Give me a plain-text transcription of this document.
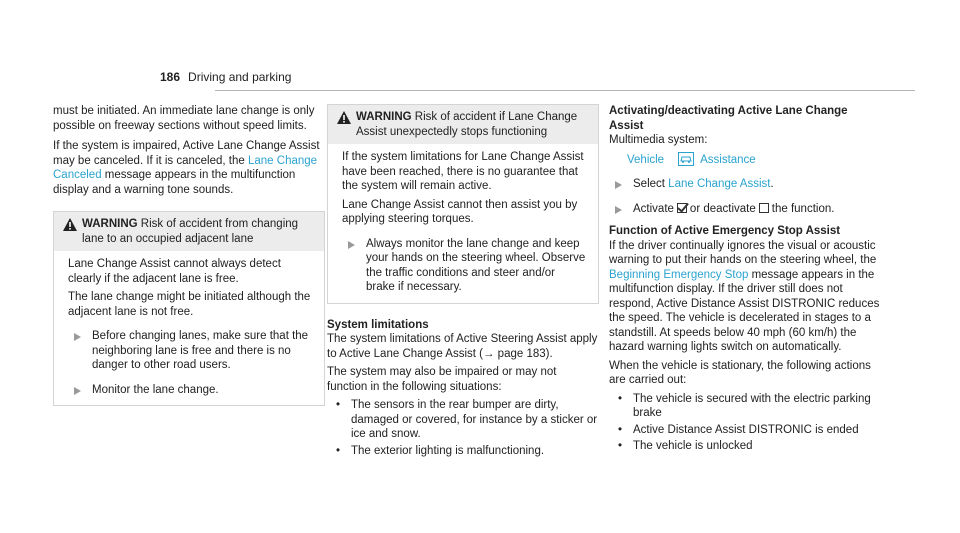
186 Driving and parking

must be initiated. An immediate lane change is only possible on freeway sections without speed limits.

If the system is impaired, Active Lane Change Assist may be canceled. If it is canceled, the Lane Change Canceled message appears in the multifunction display and a warning tone sounds.

WARNING Risk of accident from changing lane to an occupied adjacent lane

Lane Change Assist cannot always detect clearly if the adjacent lane is free.

The lane change might be initiated although the adjacent lane is not free.

Before changing lanes, make sure that the neighboring lane is free and there is no danger to other road users.
Monitor the lane change.
WARNING Risk of accident if Lane Change Assist unexpectedly stops functioning

If the system limitations for Lane Change Assist have been reached, there is no guarantee that the system will remain active.

Lane Change Assist cannot then assist you by applying steering torques.

Always monitor the lane change and keep your hands on the steering wheel. Observe the traffic conditions and steer and/or brake if necessary.

System limitations

The system limitations of Active Steering Assist apply to Active Lane Change Assist (→ page 183).

The system may also be impaired or may not function in the following situations:

• The sensors in the rear bumper are dirty, damaged or covered, for instance by a sticker or ice and snow.
• The exterior lighting is malfunctioning.

Activating/deactivating Active Lane Change Assist

Multimedia system:

Vehicle	Assistance
Select Lane Change Assist.
Activate or deactivate the function.

Function of Active Emergency Stop Assist

If the driver continually ignores the visual or acoustic warning to put their hands on the steering wheel, the Beginning Emergency Stop message appears in the multifunction display. If the driver still does not respond, Active Distance Assist DISTRONIC reduces the speed. The vehicle is decelerated in stages to a standstill. At speeds below 40 mph (60 km/h) the hazard warning lights switch on automatically.

When the vehicle is stationary, the following actions are carried out:

• The vehicle is secured with the electric parking brake
• Active Distance Assist DISTRONIC is ended
• The vehicle is unlocked
